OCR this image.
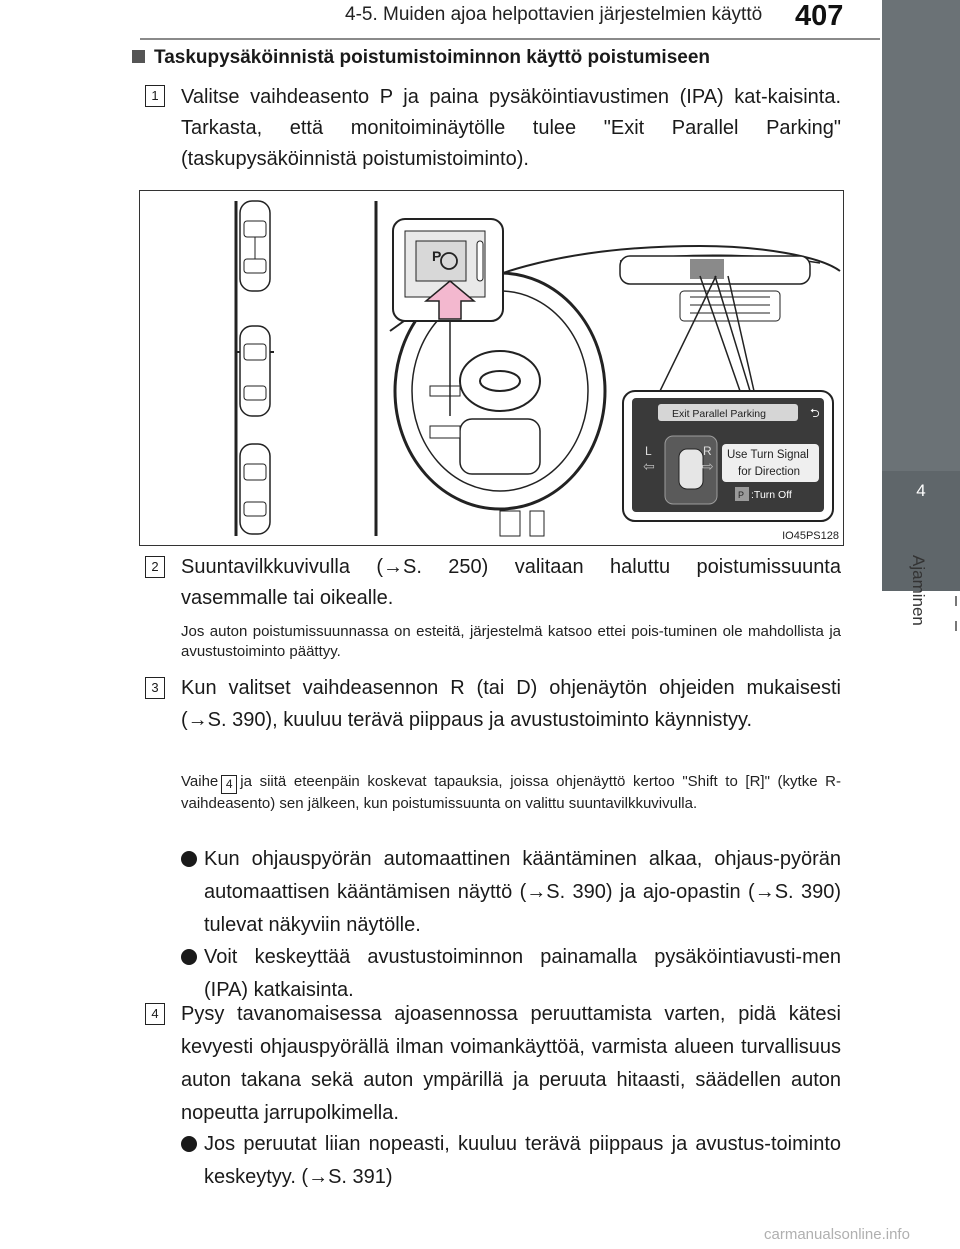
4-5. Muiden ajoa helpottavien järjestelmien käyttö 407
4
Ajaminen
Taskupysäköinnistä poistumistoiminnon käyttö poistumiseen
1	Valitse vaihdeasento P ja paina pysäköintiavustimen (IPA) kat-kaisinta. Tarkasta, että monitoiminäytölle tulee "Exit Parallel Parking" (taskupysäköinnistä poistumistoiminto).
P
Exit Parallel Parking	⮌
L	R
⇦	⇨
Use Turn Signal
for Direction
P :Turn Off
IO45PS128
2	Suuntavilkkuvivulla (→S. 250) valitaan haluttu poistumissuunta vasemmalle tai oikealle.
Jos auton poistumissuunnassa on esteitä, järjestelmä katsoo ettei pois-tuminen ole mahdollista ja avustustoiminto päättyy.
3	Kun valitset vaihdeasennon R (tai D) ohjenäytön ohjeiden mukaisesti (→S. 390), kuuluu terävä piippaus ja avustustoiminto käynnistyy.
Vaihe 4 ja siitä eteenpäin koskevat tapauksia, joissa ohjenäyttö kertoo "Shift to [R]" (kytke R-vaihdeasento) sen jälkeen, kun poistumissuunta on valittu suuntavilkkuvivulla.
Kun ohjauspyörän automaattinen kääntäminen alkaa, ohjaus-pyörän automaattisen kääntämisen näyttö (→S. 390) ja ajo-opastin (→S. 390) tulevat näkyviin näytölle.
Voit keskeyttää avustustoiminnon painamalla pysäköintiavusti-men (IPA) katkaisinta.
4	Pysy tavanomaisessa ajoasennossa peruuttamista varten, pidä kätesi kevyesti ohjauspyörällä ilman voimankäyttöä, varmista alueen turvallisuus auton takana sekä auton ympärillä ja peruuta hitaasti, säädellen auton nopeutta jarrupolkimella.
Jos peruutat liian nopeasti, kuuluu terävä piippaus ja avustus-toiminto keskeytyy. (→S. 391)
carmanualsonline.info
